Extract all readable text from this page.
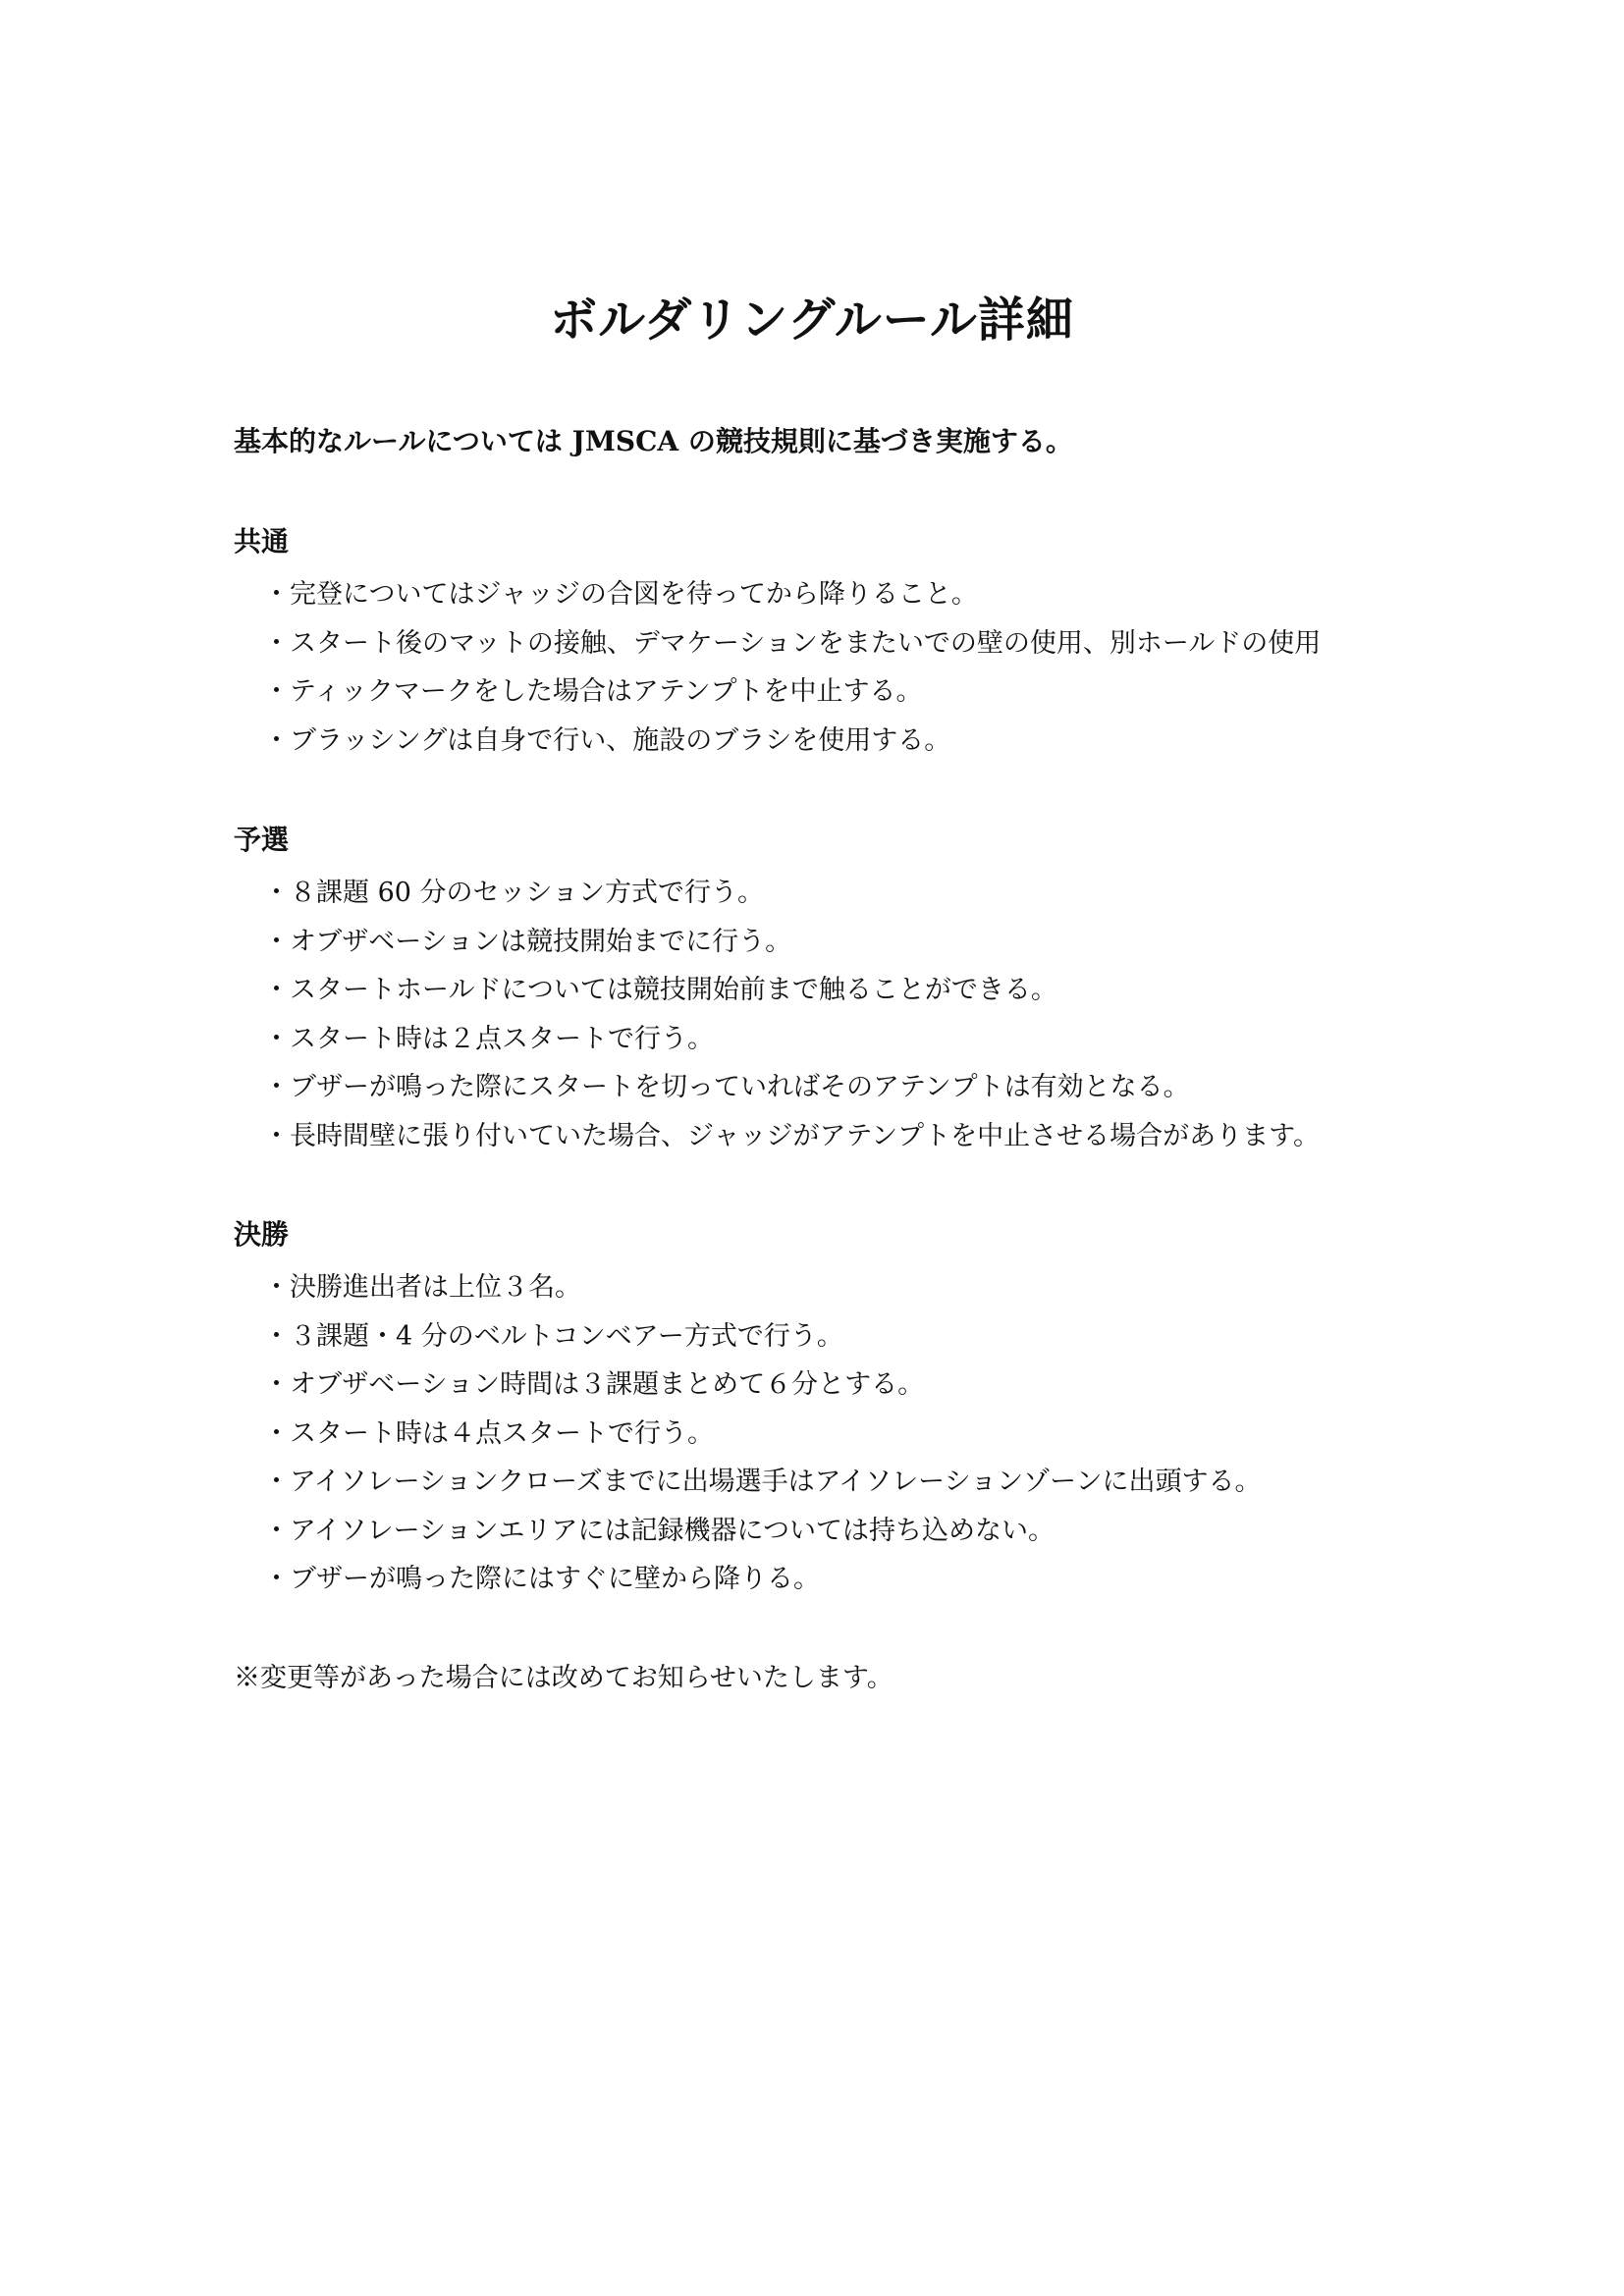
ボルダリングルール詳細

基本的なルールについては JMSCA の競技規則に基づき実施する。

共通
・完登についてはジャッジの合図を待ってから降りること。
・スタート後のマットの接触、デマケーションをまたいでの壁の使用、別ホールドの使用
・ティックマークをした場合はアテンプトを中止する。
・ブラッシングは自身で行い、施設のブラシを使用する。
予選
・８課題 60 分のセッション方式で行う。
・オブザベーションは競技開始までに行う。
・スタートホールドについては競技開始前まで触ることができる。
・スタート時は２点スタートで行う。
・ブザーが鳴った際にスタートを切っていればそのアテンプトは有効となる。
・長時間壁に張り付いていた場合、ジャッジがアテンプトを中止させる場合があります。
決勝
・決勝進出者は上位３名。
・３課題・4 分のベルトコンベアー方式で行う。
・オブザベーション時間は３課題まとめて６分とする。
・スタート時は４点スタートで行う。
・アイソレーションクローズまでに出場選手はアイソレーションゾーンに出頭する。
・アイソレーションエリアには記録機器については持ち込めない。
・ブザーが鳴った際にはすぐに壁から降りる。

※変更等があった場合には改めてお知らせいたします。
